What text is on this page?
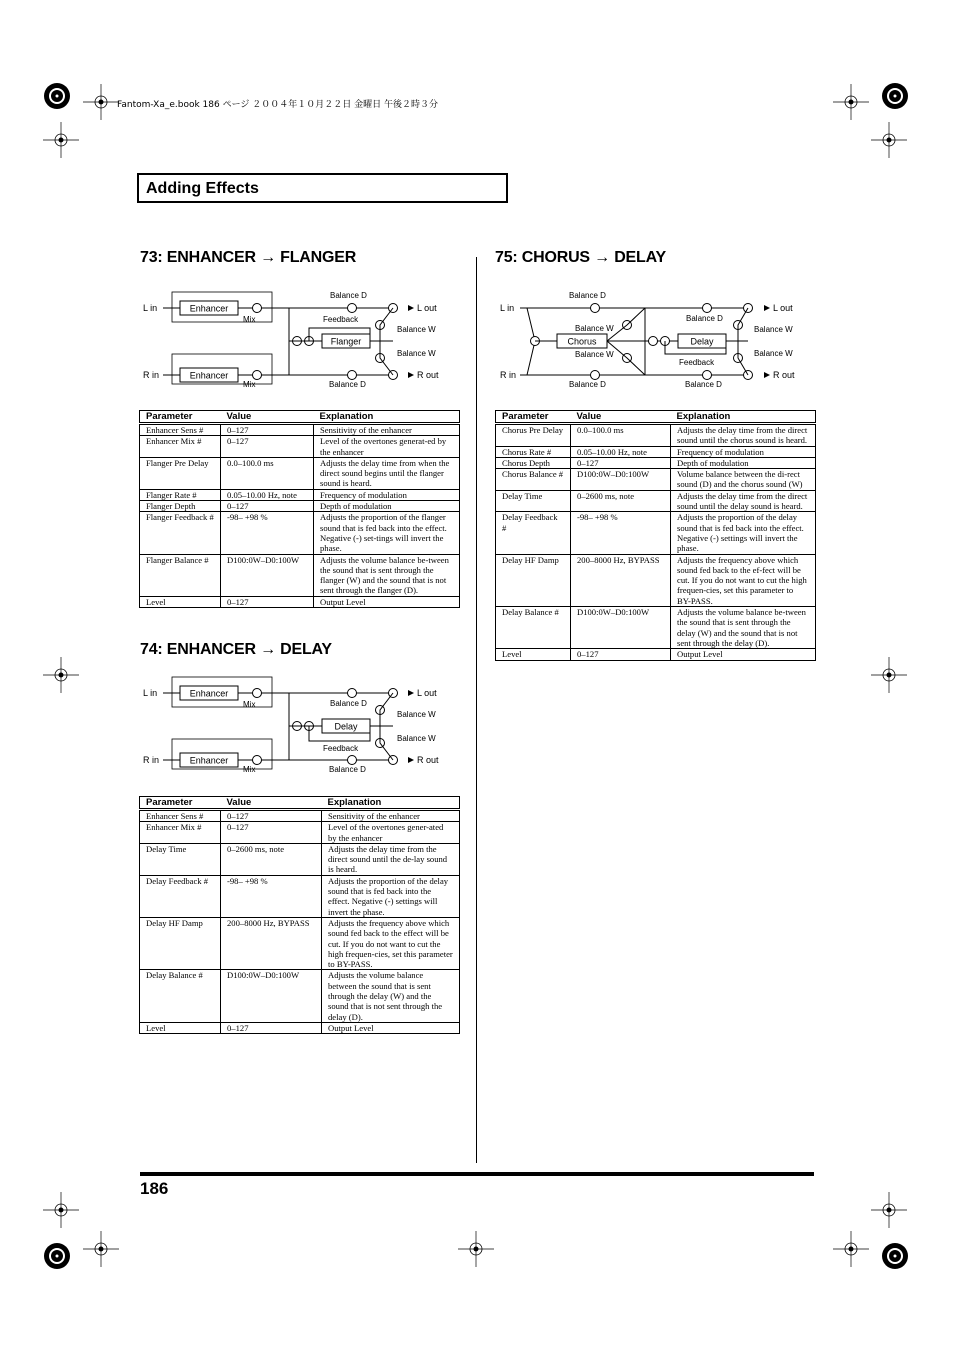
Fantom-Xa_e.book 186 ページ ２００４年１０月２２日 金曜日 午後２時３分
Adding Effects
73: ENHANCER → FLANGER
L in
R in
L out
R out
Enhancer
Enhancer
Mix
Mix
Flanger
Feedback
Balance D
Balance D
Balance W
Balance W
Parameter	Value	Explanation
Enhancer Sens #	0–127	Sensitivity of the enhancer
Enhancer Mix #	0–127	Level of the overtones generat-ed by the enhancer
Flanger Pre Delay	0.0–100.0 ms	Adjusts the delay time from when the direct sound begins until the flanger sound is heard.
Flanger Rate #	0.05–10.00 Hz, note	Frequency of modulation
Flanger Depth	0–127	Depth of modulation
Flanger Feedback #	-98– +98 %	Adjusts the proportion of the flanger sound that is fed back into the effect. Negative (-) set-tings will invert the phase.
Flanger Balance #	D100:0W–D0:100W	Adjusts the volume balance be-tween the sound that is sent through the flanger (W) and the sound that is not sent through the flanger (D).
Level	0–127	Output Level
74: ENHANCER → DELAY
L in
R in
L out
R out
Enhancer
Enhancer
Mix
Mix
Delay
Feedback
Balance D
Balance D
Balance W
Balance W
Parameter	Value	Explanation
Enhancer Sens #	0–127	Sensitivity of the enhancer
Enhancer Mix #	0–127	Level of the overtones gener-ated by the enhancer
Delay Time	0–2600 ms, note	Adjusts the delay time from the direct sound until the de-lay sound is heard.
Delay Feedback #	-98– +98 %	Adjusts the proportion of the delay sound that is fed back into the effect. Negative (-) settings will invert the phase.
Delay HF Damp	200–8000 Hz, BYPASS	Adjusts the frequency above which sound fed back to the effect will be cut. If you do not want to cut the high frequen-cies, set this parameter to BY-PASS.
Delay Balance #	D100:0W–D0:100W	Adjusts the volume balance between the sound that is sent through the delay (W) and the sound that is not sent through the delay (D).
Level	0–127	Output Level
75: CHORUS → DELAY
L in
R in
L out
R out
Chorus	Delay
Feedback
Balance D
Balance D
Balance W
Balance W
Balance D
Balance D
Balance W
Balance W
Parameter	Value	Explanation
Chorus Pre Delay	0.0–100.0 ms	Adjusts the delay time from the direct sound until the chorus sound is heard.
Chorus Rate #	0.05–10.00 Hz, note	Frequency of modulation
Chorus Depth	0–127	Depth of modulation
Chorus Balance #	D100:0W–D0:100W	Volume balance between the di-rect sound (D) and the chorus sound (W)
Delay Time	0–2600 ms, note	Adjusts the delay time from the direct sound until the delay sound is heard.
Delay Feedback #	-98– +98 %	Adjusts the proportion of the delay sound that is fed back into the effect. Negative (-) settings will invert the phase.
Delay HF Damp	200–8000 Hz, BYPASS	Adjusts the frequency above which sound fed back to the ef-fect will be cut. If you do not want to cut the high frequen-cies, set this parameter to BY-PASS.
Delay Balance #	D100:0W–D0:100W	Adjusts the volume balance be-tween the sound that is sent through the delay (W) and the sound that is not sent through the delay (D).
Level	0–127	Output Level
186
